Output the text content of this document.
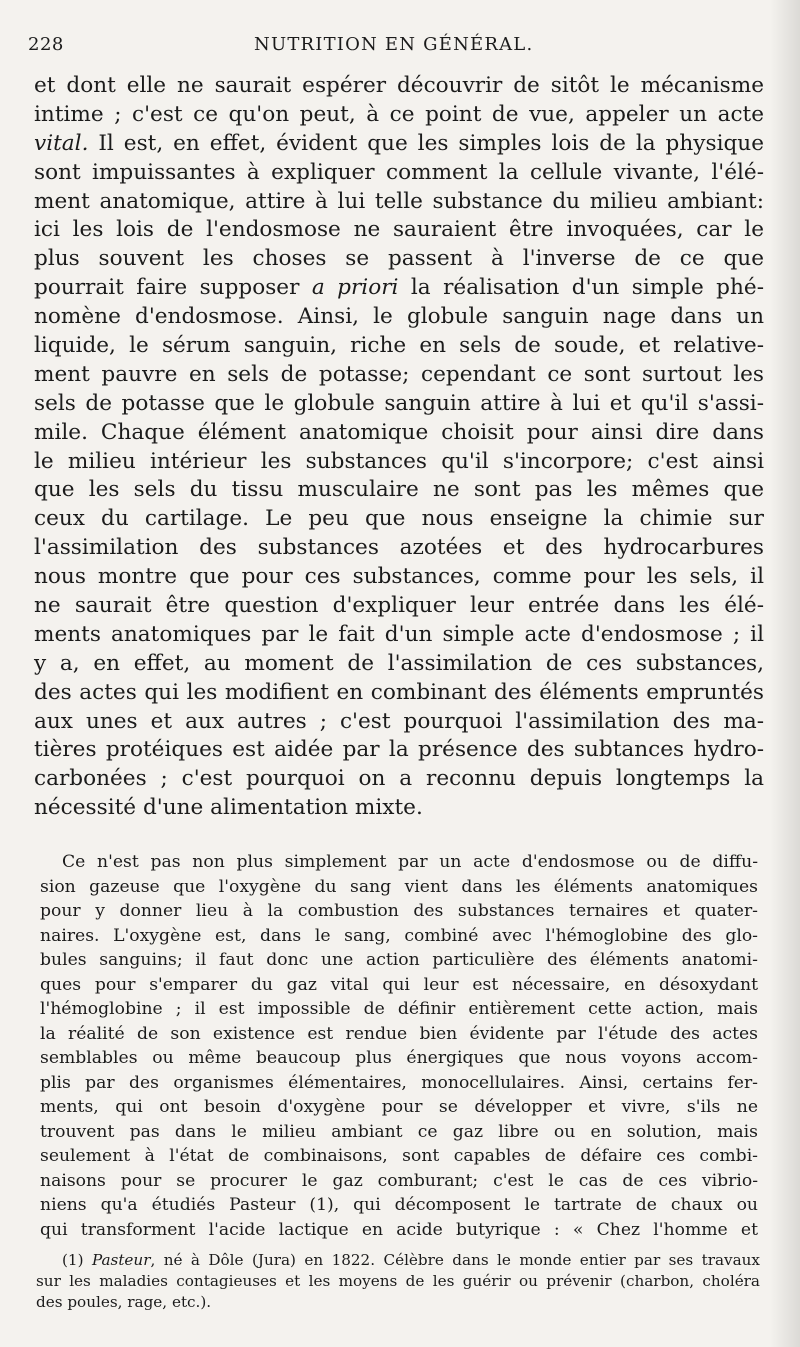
228	NUTRITION EN GÉNÉRAL.
et dont elle ne saurait espérer découvrir de sitôt le mécanisme
intime ; c'est ce qu'on peut, à ce point de vue, appeler un acte
vital. Il est, en effet, évident que les simples lois de la physique
sont impuissantes à expliquer comment la cellule vivante, l'élé-
ment anatomique, attire à lui telle substance du milieu ambiant:
ici les lois de l'endosmose ne sauraient être invoquées, car le
plus souvent les choses se passent à l'inverse de ce que
pourrait faire supposer a priori la réalisation d'un simple phé-
nomène d'endosmose. Ainsi, le globule sanguin nage dans un
liquide, le sérum sanguin, riche en sels de soude, et relative-
ment pauvre en sels de potasse; cependant ce sont surtout les
sels de potasse que le globule sanguin attire à lui et qu'il s'assi-
mile. Chaque élément anatomique choisit pour ainsi dire dans
le milieu intérieur les substances qu'il s'incorpore; c'est ainsi
que les sels du tissu musculaire ne sont pas les mêmes que
ceux du cartilage. Le peu que nous enseigne la chimie sur
l'assimilation des substances azotées et des hydrocarbures
nous montre que pour ces substances, comme pour les sels, il
ne saurait être question d'expliquer leur entrée dans les élé-
ments anatomiques par le fait d'un simple acte d'endosmose ; il
y a, en effet, au moment de l'assimilation de ces substances,
des actes qui les modifient en combinant des éléments empruntés
aux unes et aux autres ; c'est pourquoi l'assimilation des ma-
tières protéiques est aidée par la présence des subtances hydro-
carbonées ; c'est pourquoi on a reconnu depuis longtemps la
nécessité d'une alimentation mixte.
Ce n'est pas non plus simplement par un acte d'endosmose ou de diffu-
sion gazeuse que l'oxygène du sang vient dans les éléments anatomiques
pour y donner lieu à la combustion des substances ternaires et quater-
naires. L'oxygène est, dans le sang, combiné avec l'hémoglobine des glo-
bules sanguins; il faut donc une action particulière des éléments anatomi-
ques pour s'emparer du gaz vital qui leur est nécessaire, en désoxydant
l'hémoglobine ; il est impossible de définir entièrement cette action, mais
la réalité de son existence est rendue bien évidente par l'étude des actes
semblables ou même beaucoup plus énergiques que nous voyons accom-
plis par des organismes élémentaires, monocellulaires. Ainsi, certains fer-
ments, qui ont besoin d'oxygène pour se développer et vivre, s'ils ne
trouvent pas dans le milieu ambiant ce gaz libre ou en solution, mais
seulement à l'état de combinaisons, sont capables de défaire ces combi-
naisons pour se procurer le gaz comburant; c'est le cas de ces vibrio-
niens qu'a étudiés Pasteur (1), qui décomposent le tartrate de chaux ou
qui transforment l'acide lactique en acide butyrique : « Chez l'homme et
(1) Pasteur, né à Dôle (Jura) en 1822. Célèbre dans le monde entier par ses travaux
sur les maladies contagieuses et les moyens de les guérir ou prévenir (charbon, choléra
des poules, rage, etc.).
